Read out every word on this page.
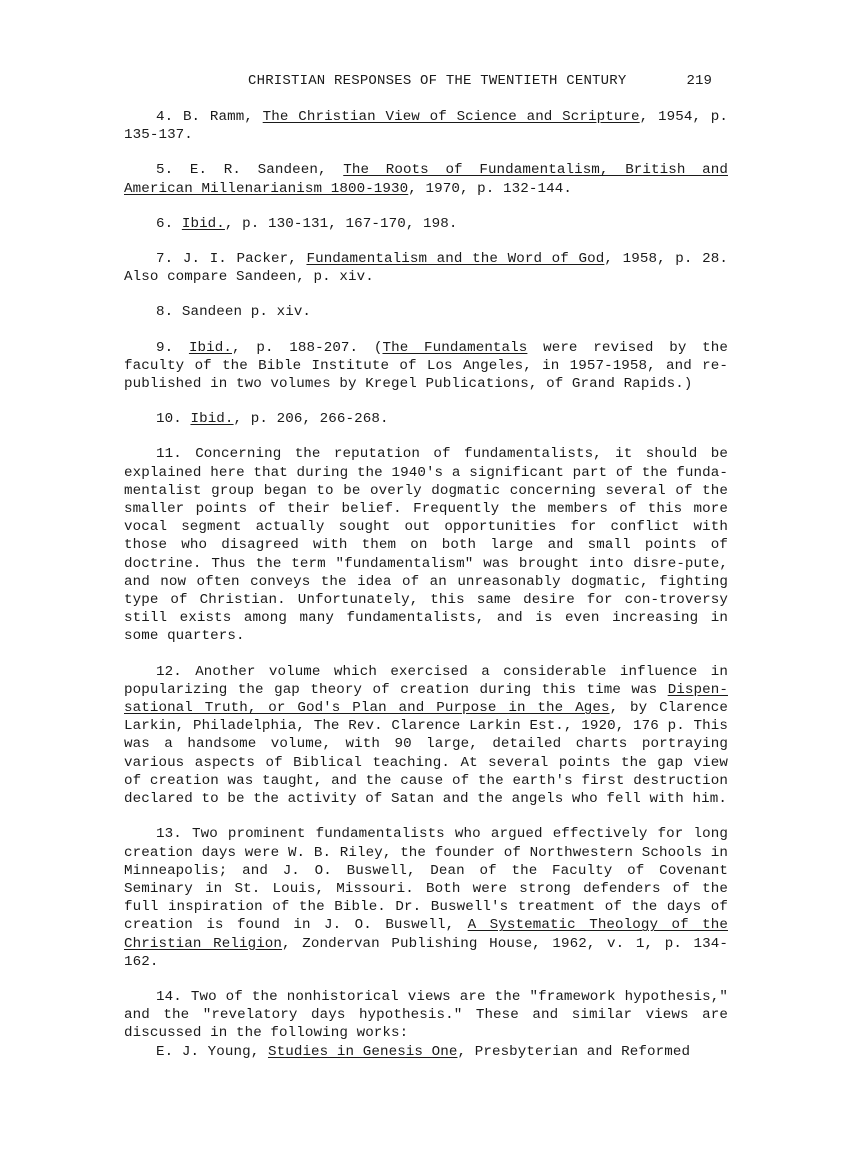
CHRISTIAN RESPONSES OF THE TWENTIETH CENTURY	219

4. B. Ramm, The Christian View of Science and Scripture, 1954, p. 135-137.

5. E. R. Sandeen, The Roots of Fundamentalism, British and American Millenarianism 1800-1930, 1970, p. 132-144.

6. Ibid., p. 130-131, 167-170, 198.

7. J. I. Packer, Fundamentalism and the Word of God, 1958, p. 28. Also compare Sandeen, p. xiv.

8. Sandeen p. xiv.

9. Ibid., p. 188-207. (The Fundamentals were revised by the faculty of the Bible Institute of Los Angeles, in 1957-1958, and re-published in two volumes by Kregel Publications, of Grand Rapids.)

10. Ibid., p. 206, 266-268.

11. Concerning the reputation of fundamentalists, it should be explained here that during the 1940's a significant part of the funda-mentalist group began to be overly dogmatic concerning several of the smaller points of their belief. Frequently the members of this more vocal segment actually sought out opportunities for conflict with those who disagreed with them on both large and small points of doctrine. Thus the term "fundamentalism" was brought into disre-pute, and now often conveys the idea of an unreasonably dogmatic, fighting type of Christian. Unfortunately, this same desire for con-troversy still exists among many fundamentalists, and is even increasing in some quarters.

12. Another volume which exercised a considerable influence in popularizing the gap theory of creation during this time was Dispen-sational Truth, or God's Plan and Purpose in the Ages, by Clarence Larkin, Philadelphia, The Rev. Clarence Larkin Est., 1920, 176 p. This was a handsome volume, with 90 large, detailed charts portraying various aspects of Biblical teaching. At several points the gap view of creation was taught, and the cause of the earth's first destruction declared to be the activity of Satan and the angels who fell with him.

13. Two prominent fundamentalists who argued effectively for long creation days were W. B. Riley, the founder of Northwestern Schools in Minneapolis; and J. O. Buswell, Dean of the Faculty of Covenant Seminary in St. Louis, Missouri. Both were strong defenders of the full inspiration of the Bible. Dr. Buswell's treatment of the days of creation is found in J. O. Buswell, A Systematic Theology of the Christian Religion, Zondervan Publishing House, 1962, v. 1, p. 134-162.

14. Two of the nonhistorical views are the "framework hypothesis," and the "revelatory days hypothesis." These and similar views are discussed in the following works:
E. J. Young, Studies in Genesis One, Presbyterian and Reformed
